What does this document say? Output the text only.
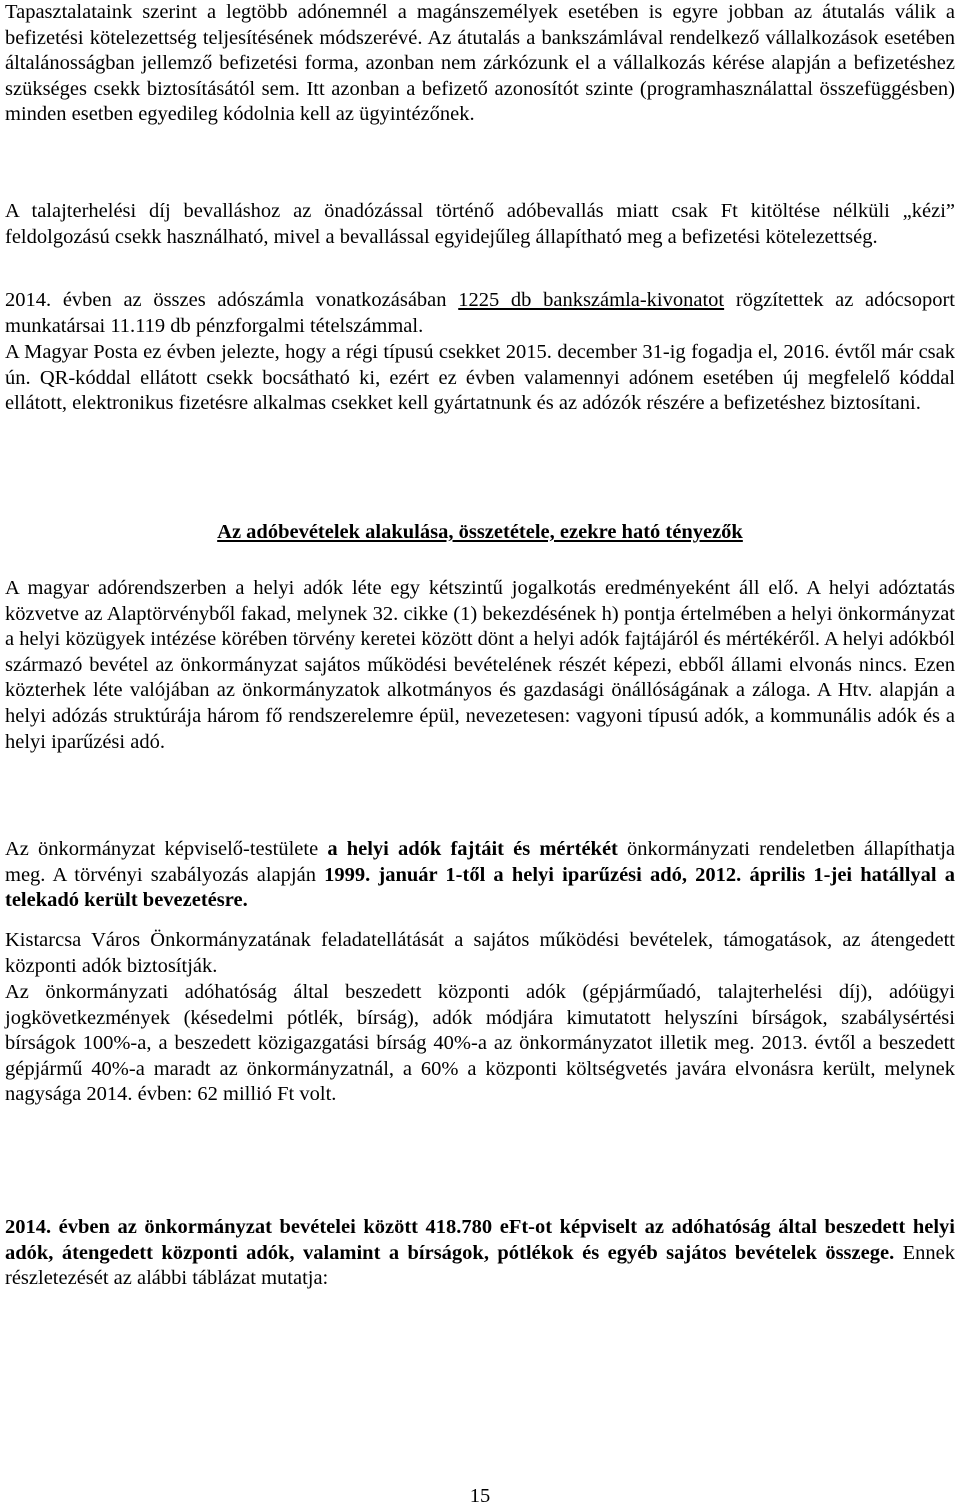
Tapasztalataink szerint a legtöbb adónemnél a magánszemélyek esetében is egyre jobban az átutalás válik a befizetési kötelezettség teljesítésének módszerévé. Az átutalás a bankszámlával rendelkező vállalkozások esetében általánosságban jellemző befizetési forma, azonban nem zárkózunk el a vállalkozás kérése alapján a befizetéshez szükséges csekk biztosításától sem. Itt azonban a befizető azonosítót szinte (programhasználattal összefüggésben) minden esetben egyedileg kódolnia kell az ügyintézőnek.

A talajterhelési díj bevalláshoz az önadózással történő adóbevallás miatt csak Ft kitöltése nélküli „kézi” feldolgozású csekk használható, mivel a bevallással egyidejűleg állapítható meg a befizetési kötelezettség.

2014. évben az összes adószámla vonatkozásában 1225 db bankszámla-kivonatot rögzítettek az adócsoport munkatársai 11.119 db pénzforgalmi tételszámmal.

A Magyar Posta ez évben jelezte, hogy a régi típusú csekket 2015. december 31-ig fogadja el, 2016. évtől már csak ún. QR-kóddal ellátott csekk bocsátható ki, ezért ez évben valamennyi adónem esetében új megfelelő kóddal ellátott, elektronikus fizetésre alkalmas csekket kell gyártatnunk és az adózók részére a befizetéshez biztosítani.

Az adóbevételek alakulása, összetétele, ezekre ható tényezők

A magyar adórendszerben a helyi adók léte egy kétszintű jogalkotás eredményeként áll elő. A helyi adóztatás közvetve az Alaptörvényből fakad, melynek 32. cikke (1) bekezdésének h) pontja értelmében a helyi önkormányzat a helyi közügyek intézése körében törvény keretei között dönt a helyi adók fajtájáról és mértékéről. A helyi adókból származó bevétel az önkormányzat sajátos működési bevételének részét képezi, ebből állami elvonás nincs. Ezen közterhek léte valójában az önkormányzatok alkotmányos és gazdasági önállóságának a záloga. A Htv. alapján a helyi adózás struktúrája három fő rendszerelemre épül, nevezetesen: vagyoni típusú adók, a kommunális adók és a helyi iparűzési adó.

Az önkormányzat képviselő-testülete a helyi adók fajtáit és mértékét önkormányzati rendeletben állapíthatja meg. A törvényi szabályozás alapján 1999. január 1-től a helyi iparűzési adó, 2012. április 1-jei hatállyal a telekadó került bevezetésre.

Kistarcsa Város Önkormányzatának feladatellátását a sajátos működési bevételek, támogatások, az átengedett központi adók biztosítják.

Az önkormányzati adóhatóság által beszedett központi adók (gépjárműadó, talajterhelési díj), adóügyi jogkövetkezmények (késedelmi pótlék, bírság), adók módjára kimutatott helyszíni bírságok, szabálysértési bírságok 100%-a, a beszedett közigazgatási bírság 40%-a az önkormányzatot illetik meg. 2013. évtől a beszedett gépjármű 40%-a maradt az önkormányzatnál, a 60% a központi költségvetés javára elvonásra került, melynek nagysága 2014. évben: 62 millió Ft volt.

2014. évben az önkormányzat bevételei között 418.780 eFt-ot képviselt az adóhatóság által beszedett helyi adók, átengedett központi adók, valamint a bírságok, pótlékok és egyéb sajátos bevételek összege. Ennek részletezését az alábbi táblázat mutatja:

15
